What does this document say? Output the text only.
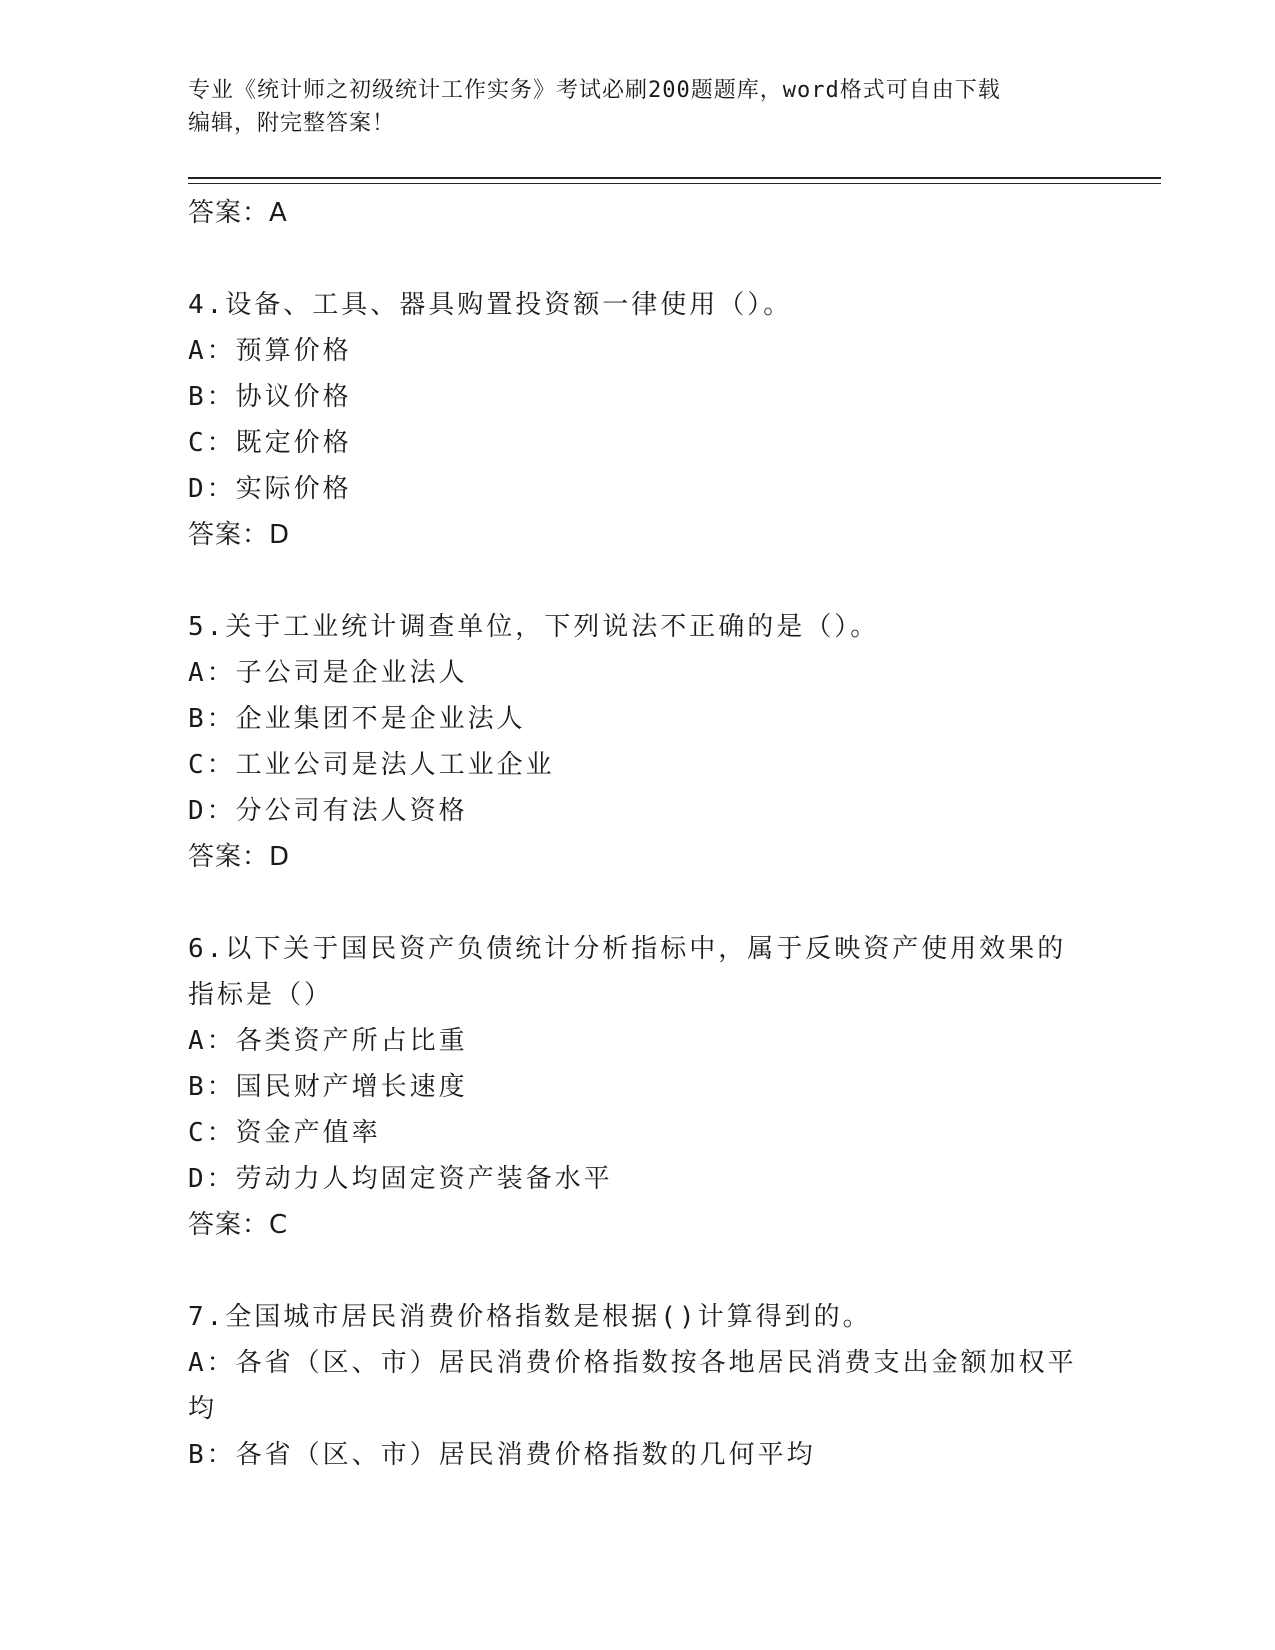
专业《统计师之初级统计工作实务》考试必刷200题题库，word格式可自由下载
编辑，附完整答案！
答案：A
4.设备、工具、器具购置投资额一律使用（）。
A：预算价格
B：协议价格
C：既定价格
D：实际价格
答案：D
5.关于工业统计调查单位，下列说法不正确的是（）。
A：子公司是企业法人
B：企业集团不是企业法人
C：工业公司是法人工业企业
D：分公司有法人资格
答案：D
6.以下关于国民资产负债统计分析指标中，属于反映资产使用效果的
指标是（）
A：各类资产所占比重
B：国民财产增长速度
C：资金产值率
D：劳动力人均固定资产装备水平
答案：C
7.全国城市居民消费价格指数是根据()计算得到的。
A：各省（区、市）居民消费价格指数按各地居民消费支出金额加权平
均
B：各省（区、市）居民消费价格指数的几何平均
